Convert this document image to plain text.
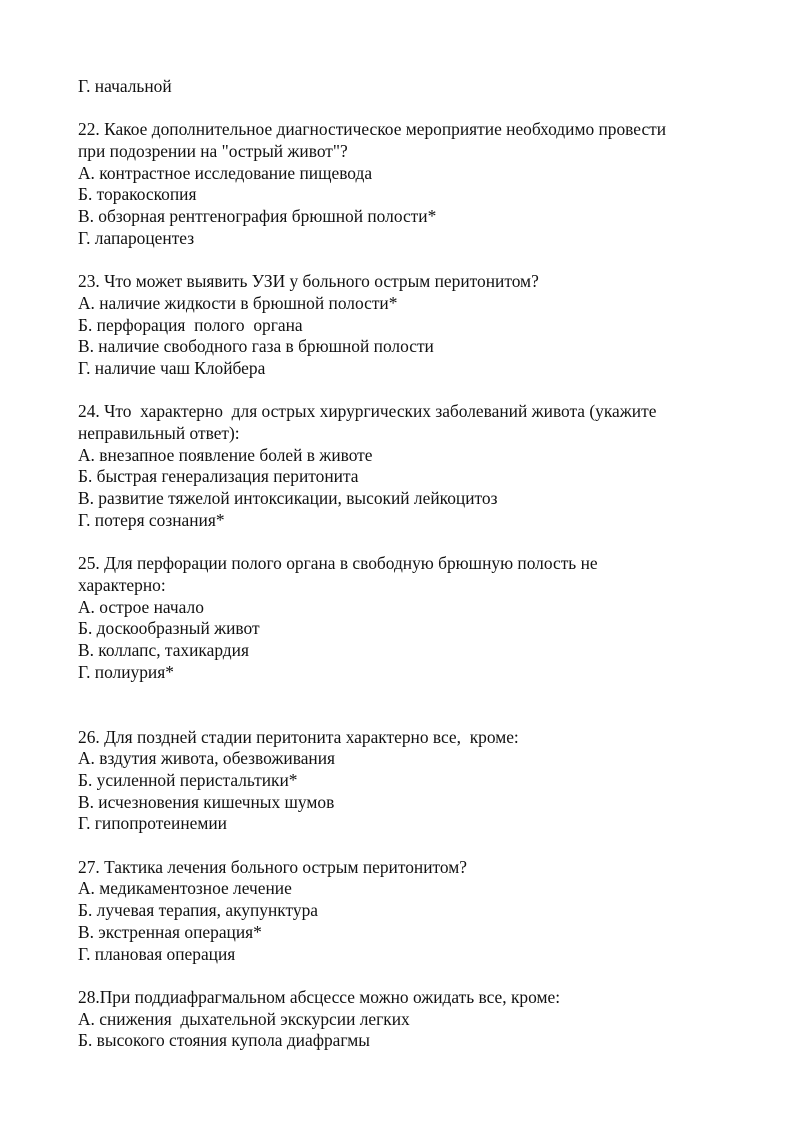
Г. начальной
22. Какое дополнительное диагностическое мероприятие необходимо провести
при подозрении на "острый живот"?
А. контрастное исследование пищевода
Б. торакоскопия
В. обзорная рентгенография брюшной полости*
Г. лапароцентез
23. Что может выявить УЗИ у больного острым перитонитом?
А. наличие жидкости в брюшной полости*
Б. перфорация  полого  органа
В. наличие свободного газа в брюшной полости
Г. наличие чаш Клойбера
24. Что  характерно  для острых хирургических заболеваний живота (укажите
неправильный ответ):
А. внезапное появление болей в животе
Б. быстрая генерализация перитонита
В. развитие тяжелой интоксикации, высокий лейкоцитоз
Г. потеря сознания*
25. Для перфорации полого органа в свободную брюшную полость не
характерно:
А. острое начало
Б. доскообразный живот
В. коллапс, тахикардия
Г. полиурия*
26. Для поздней стадии перитонита характерно все,  кроме:
А. вздутия живота, обезвоживания
Б. усиленной перистальтики*
В. исчезновения кишечных шумов
Г. гипопротеинемии
27. Тактика лечения больного острым перитонитом?
А. медикаментозное лечение
Б. лучевая терапия, акупунктура
В. экстренная операция*
Г. плановая операция
28.При поддиафрагмальном абсцессе можно ожидать все, кроме:
А. снижения  дыхательной экскурсии легких
Б. высокого стояния купола диафрагмы
